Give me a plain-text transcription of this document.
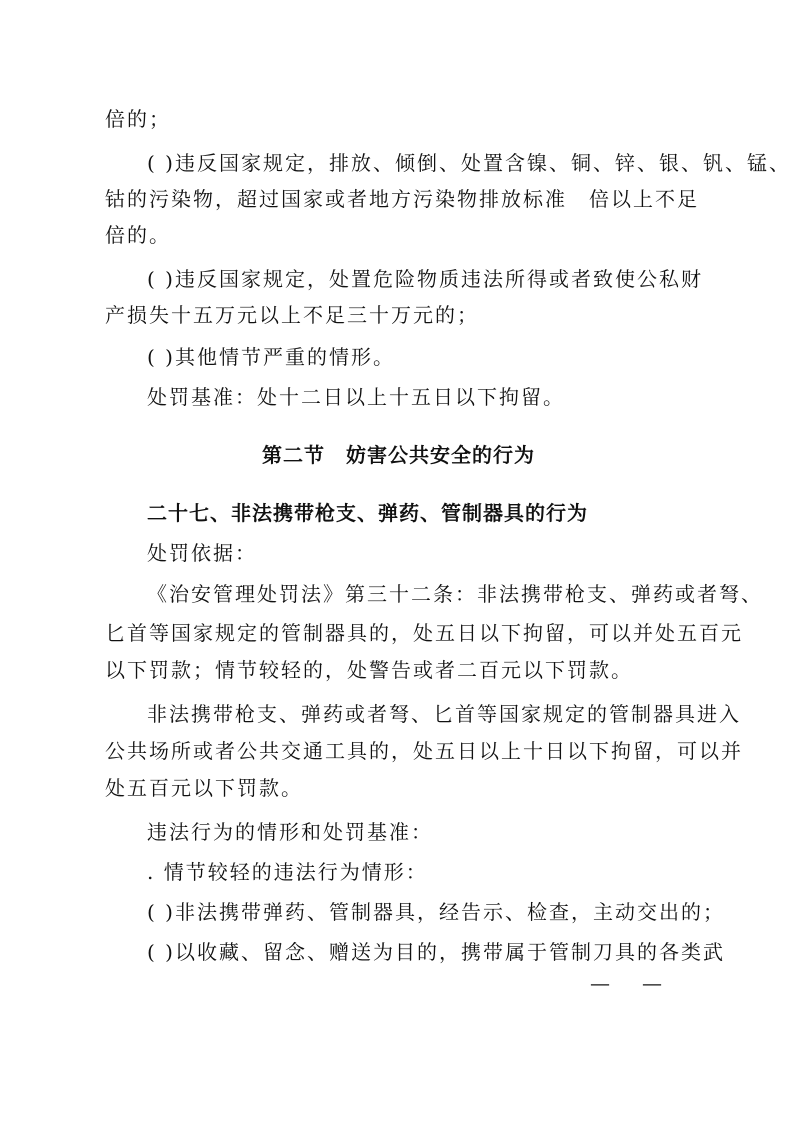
倍的；
( )违反国家规定，排放、倾倒、处置含镍、铜、锌、银、钒、锰、
钴的污染物，超过国家或者地方污染物排放标准　倍以上不足
倍的。
( )违反国家规定，处置危险物质违法所得或者致使公私财
产损失十五万元以上不足三十万元的；
( )其他情节严重的情形。
处罚基准：处十二日以上十五日以下拘留。
第二节　妨害公共安全的行为
二十七、非法携带枪支、弹药、管制器具的行为
处罚依据：
《治安管理处罚法》第三十二条：非法携带枪支、弹药或者弩、
匕首等国家规定的管制器具的，处五日以下拘留，可以并处五百元
以下罚款；情节较轻的，处警告或者二百元以下罚款。
非法携带枪支、弹药或者弩、匕首等国家规定的管制器具进入
公共场所或者公共交通工具的，处五日以上十日以下拘留，可以并
处五百元以下罚款。
违法行为的情形和处罚基准：
. 情节较轻的违法行为情形：
( )非法携带弹药、管制器具，经告示、检查，主动交出的；
( )以收藏、留念、赠送为目的，携带属于管制刀具的各类武
— —
